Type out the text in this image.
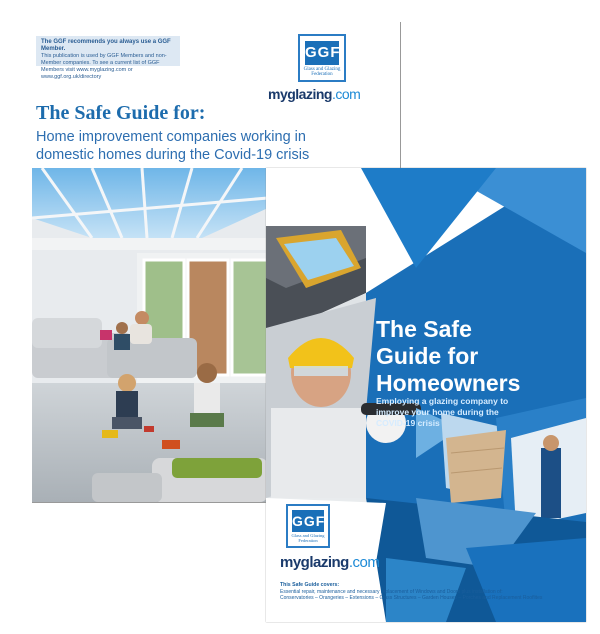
The GGF recommends you always use a GGF Member.
This publication is used by GGF Members and non-Member companies. To see a current list of GGF Members visit www.myglazing.com or www.ggf.org.uk/directory
GGF
Glass and Glazing Federation
myglazing.com
The Safe Guide for:
Home improvement companies working in domestic homes during the Covid-19 crisis
The Safe Guide for Homeowners
Employing a glazing company to improve your home during the COVID-19 crisis
GGF
Glass and Glazing Federation
myglazing.com
This Safe Guide covers:
Essential repair, maintenance and necessary replacement of Windows and Doors plus installation of:
Conservatories – Orangeries – Extensions – Glass Structures – Garden Houses – Porches and Replacement Rooflites
